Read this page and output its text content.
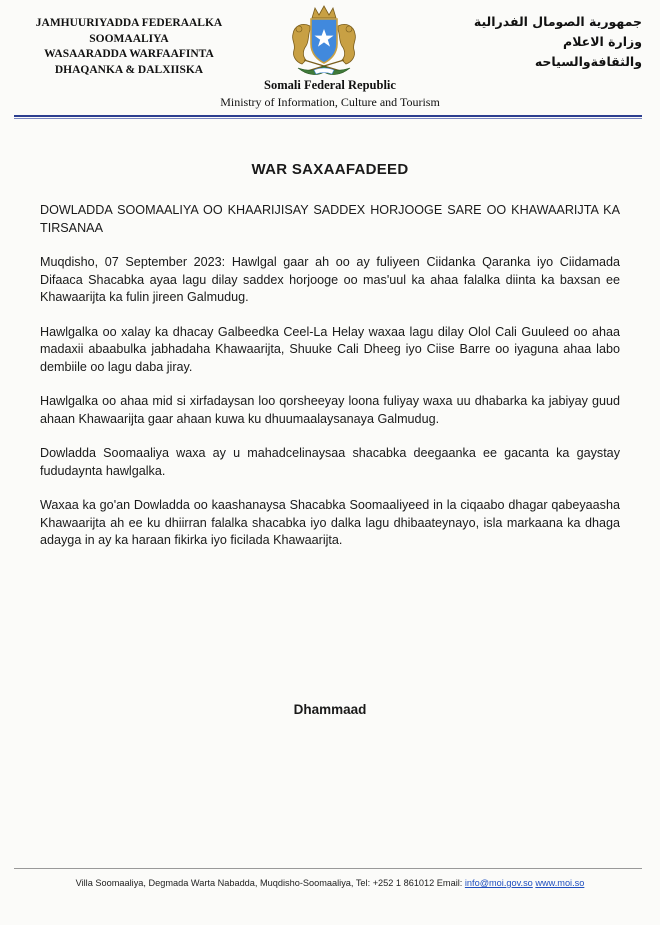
JAMHUURIYADDA FEDERAALKA
SOOMAALIYA
WASAARADDA WARFAAFINTA
DHAQANKA & DALXIISKA
جمهورية الصومال الفدرالية
وزارة الاعلام
والثقافةوالسياحه
Somali Federal Republic
Ministry of Information, Culture and Tourism
WAR SAXAAFADEED

DOWLADDA SOOMAALIYA OO KHAARIJISAY SADDEX HORJOOGE SARE OO KHAWAARIJTA KA TIRSANAA

Muqdisho, 07 September 2023: Hawlgal gaar ah oo ay fuliyeen Ciidanka Qaranka iyo Ciidamada Difaaca Shacabka ayaa lagu dilay saddex horjooge oo mas'uul ka ahaa falalka diinta ka baxsan ee Khawaarijta ka fulin jireen Galmudug.

Hawlgalka oo xalay ka dhacay Galbeedka Ceel-La Helay waxaa lagu dilay Olol Cali Guuleed oo ahaa madaxii abaabulka jabhadaha Khawaarijta, Shuuke Cali Dheeg iyo Ciise Barre oo iyaguna ahaa labo dembiile oo lagu daba jiray.

Hawlgalka oo ahaa mid si xirfadaysan loo qorsheeyay loona fuliyay waxa uu dhabarka ka jabiyay guud ahaan Khawaarijta gaar ahaan kuwa ku dhuumaalaysanaya Galmudug.

Dowladda Soomaaliya waxa ay u mahadcelinaysaa shacabka deegaanka ee gacanta ka gaystay fududaynta hawlgalka.

Waxaa ka go'an Dowladda oo kaashanaysa Shacabka Soomaaliyeed in la ciqaabo dhagar qabeyaasha Khawaarijta ah ee ku dhiirran falalka shacabka iyo dalka lagu dhibaateynayo, isla markaana ka dhaga adayga in ay ka haraan fikirka iyo ficilada Khawaarijta.

Dhammaad
Villa Soomaaliya, Degmada Warta Nabadda, Muqdisho-Soomaaliya, Tel: +252 1 861012 Email: info@moi.gov.so www.moi.so
